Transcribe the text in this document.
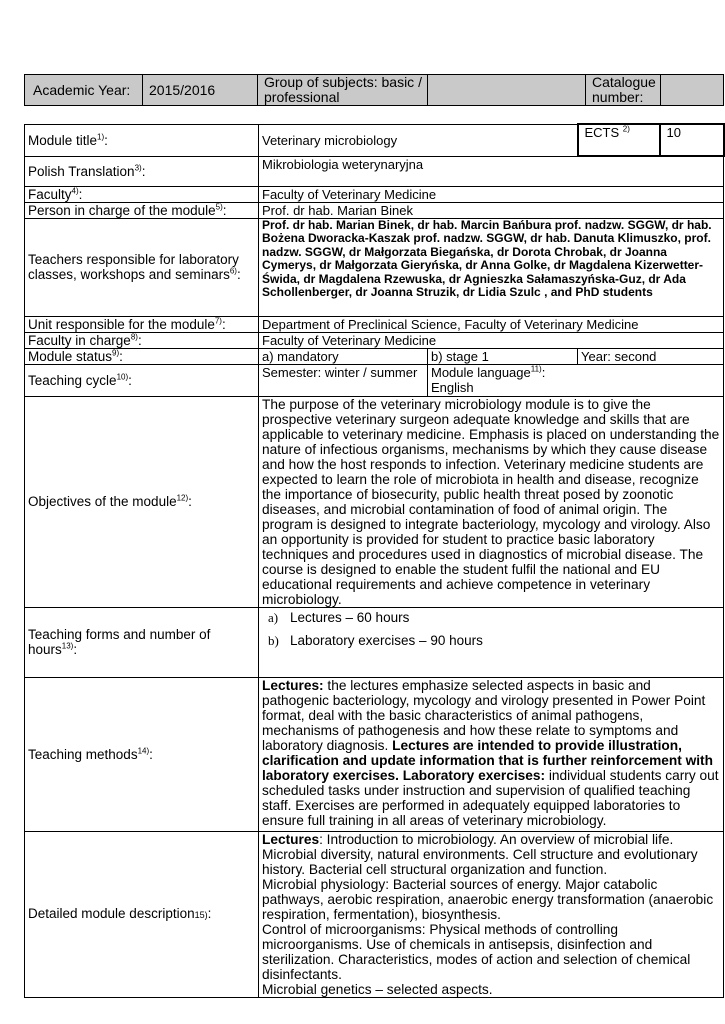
Academic Year:	2015/2016	Group of subjects: basic / professional		Catalogue number:	
Module title$^{1)}$:	Veterinary microbiology		ECTS $^{2)}$	10
Polish Translation$^{3)}$:	Mikrobiologia weterynaryjna			
Faculty$^{4)}$:	Faculty of Veterinary Medicine			
Person in charge of the module$^{5)}$:	Prof. dr hab. Marian Binek			
Teachers responsible for laboratory classes, workshops and seminars$^{6)}$:	Prof. dr hab. Marian Binek, dr hab. Marcin Bańbura prof. nadzw. SGGW, dr hab. Bożena Dworacka-Kaszak prof. nadzw. SGGW, dr hab. Danuta Klimuszko, prof. nadzw. SGGW, dr Małgorzata Biegańska, dr Dorota Chrobak, dr Joanna Cymerys, dr Małgorzata Gieryńska, dr Anna Golke, dr Magdalena Kizerwetter-Świda, dr Magdalena Rzewuska, dr Agnieszka Sałamaszyńska-Guz, dr Ada Schollenberger, dr Joanna Struzik, dr Lidia Szulc , and PhD students			
Unit responsible for the module$^{7)}$:	Department of Preclinical Science, Faculty of Veterinary Medicine			
Faculty in charge$^{8)}$:	Faculty of Veterinary Medicine			
Module status$^{9)}$:	a) mandatory	b) stage 1	Year: second	
Teaching cycle$^{10)}$:	Semester: winter / summer	Module language$^{11)}$:
English		

Objectives of the module$^{12)}$:	The purpose of the veterinary microbiology module is to give the prospective veterinary surgeon adequate knowledge and skills that are applicable to veterinary medicine. Emphasis is placed on understanding the nature of infectious organisms, mechanisms by which they cause disease and how the host responds to infection. Veterinary medicine students are expected to learn the role of microbiota in health and disease, recognize the importance of biosecurity, public health threat posed by zoonotic diseases, and microbial contamination of food of animal origin. The program is designed to integrate bacteriology, mycology and virology. Also an opportunity is provided for student to practice basic laboratory techniques and procedures used in diagnostics of microbial disease. The course is designed to enable the student fulfil the national and EU educational requirements and achieve competence in veterinary microbiology.			
Teaching forms and number of hours$^{13)}$:	a) Lectures – 60 hours
b) Laboratory exercises – 90 hours			

Teaching methods$^{14)}$:	Lectures: the lectures emphasize selected aspects in basic and pathogenic bacteriology, mycology and virology presented in Power Point format, deal with the basic characteristics of animal pathogens, mechanisms of pathogenesis and how these relate to symptoms and laboratory diagnosis. Lectures are intended to provide illustration, clarification and update information that is further reinforcement with laboratory exercises. Laboratory exercises: individual students carry out scheduled tasks under instruction and supervision of qualified teaching staff. Exercises are performed in adequately equipped laboratories to ensure full training in all areas of veterinary microbiology.			
Detailed module description15):	Lectures: Introduction to microbiology. An overview of microbial life. Microbial diversity, natural environments. Cell structure and evolutionary history. Bacterial cell structural organization and function.
Microbial physiology: Bacterial sources of energy. Major catabolic pathways, aerobic respiration, anaerobic energy transformation (anaerobic respiration, fermentation), biosynthesis.
Control of microorganisms: Physical methods of controlling microorganisms. Use of chemicals in antisepsis, disinfection and sterilization. Characteristics, modes of action and selection of chemical disinfectants.
Microbial genetics – selected aspects.			
